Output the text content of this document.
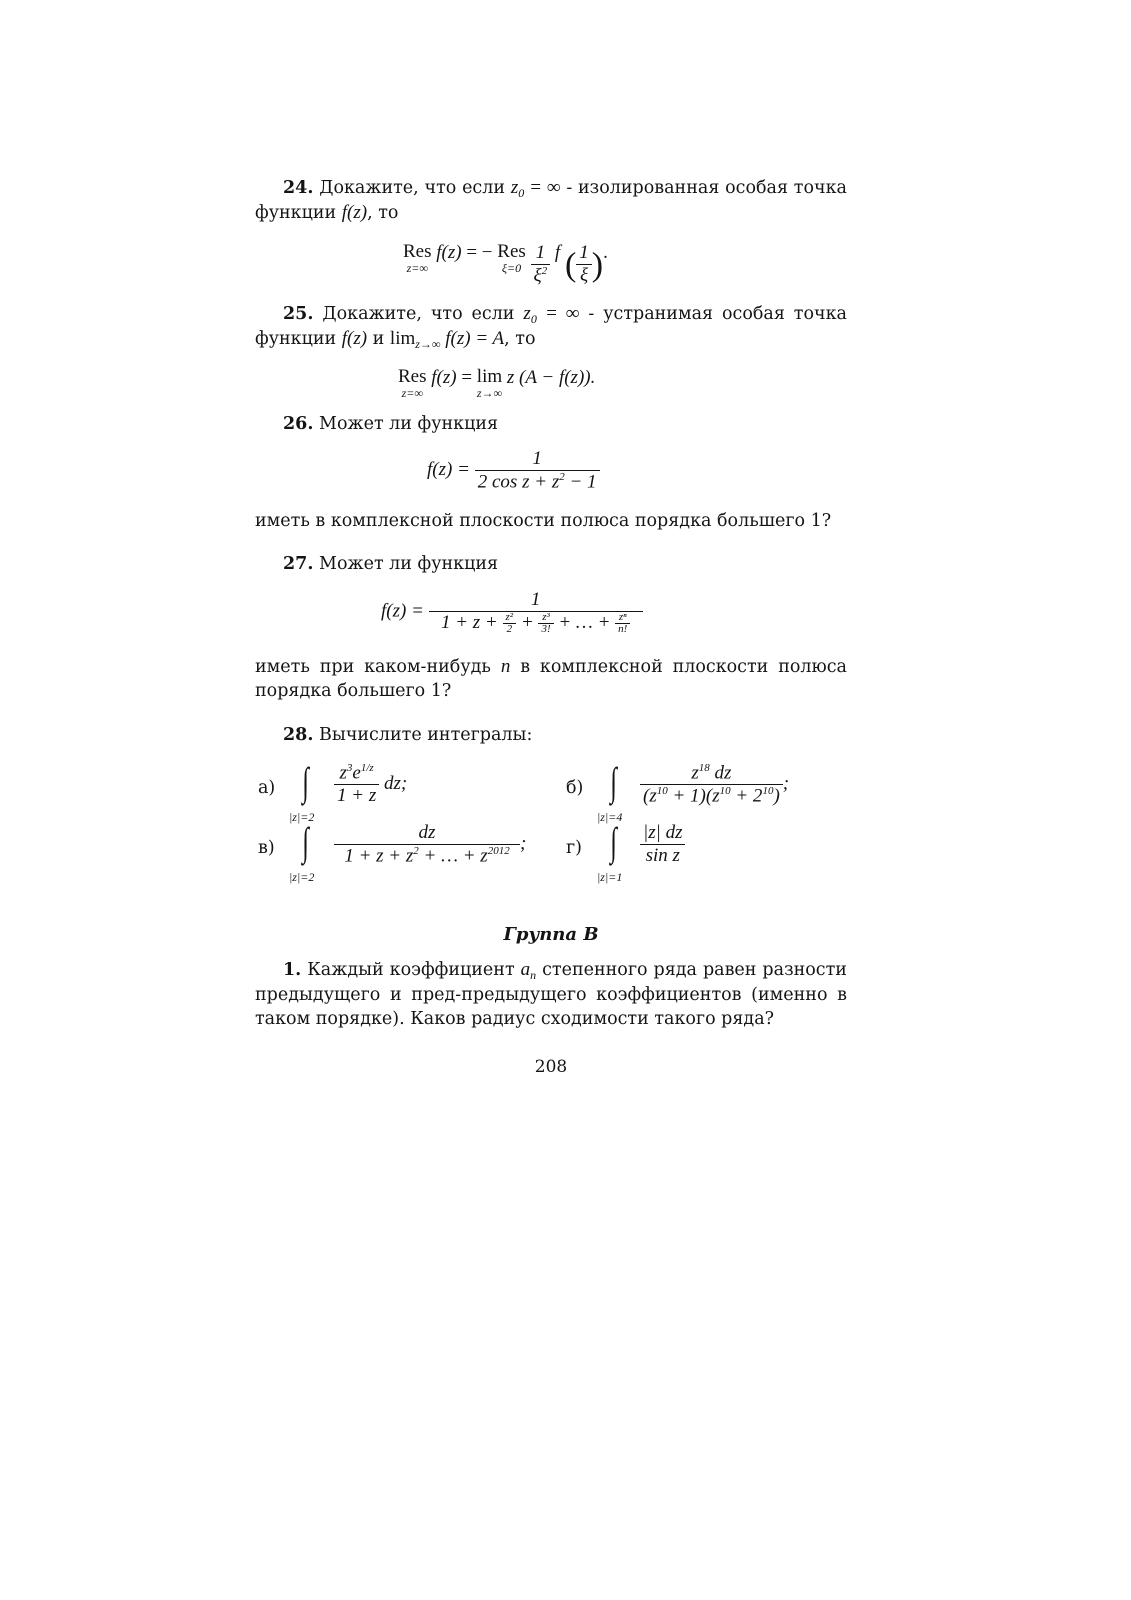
24. Докажите, что если $z_0$ = ∞ - изолированная особая точка функции f(z), то
Res
z=∞
f(z) = − Res
ξ=0
$\frac{1}{\xi^2}$ f ( $\frac{1}{\xi}$ ).
25. Докажите, что если $z_0$ = ∞ - устранимая особая точка функции f(z) и $\lim_{z\to\infty} f(z) = A$, то
Res
z=∞
f(z) = lim
z→∞
z (A − f(z)).
26. Может ли функция
$f(z) = \frac{1}{2 \cos z + z^2 - 1}$
иметь в комплексной плоскости полюса порядка большего 1?
27. Может ли функция
$f(z) = \frac{1}{1 + z + \frac{\text{z²}}{2} + \frac{\text{z³}}{3!} + \dots + \frac{\text{zⁿ}}{n!}}$
иметь при каком-нибудь n в комплексной плоскости полюса порядка большего 1?
28. Вычислите интегралы:
а) ∫
|z|=2
$\frac{z^3e^{1/z}}{1 + z}$ dz;	б) ∫
|z|=4
$\frac{z^{18} dz}{(z^{10} + 1)(z^{10} + 2^{10})}$ ;
в) ∫
|z|=2
$\frac{dz}{1 + z + z^2 + \dots + z^{2012}}$ ; г) ∫
|z|=1
$\frac{|z| dz}{\text{sin z}}$
Группа B
1. Каждый коэффициент $a_n$ степенного ряда равен разности предыдущего и пред-предыдущего коэффициентов (именно в таком порядке). Каков радиус сходимости такого ряда?
208
